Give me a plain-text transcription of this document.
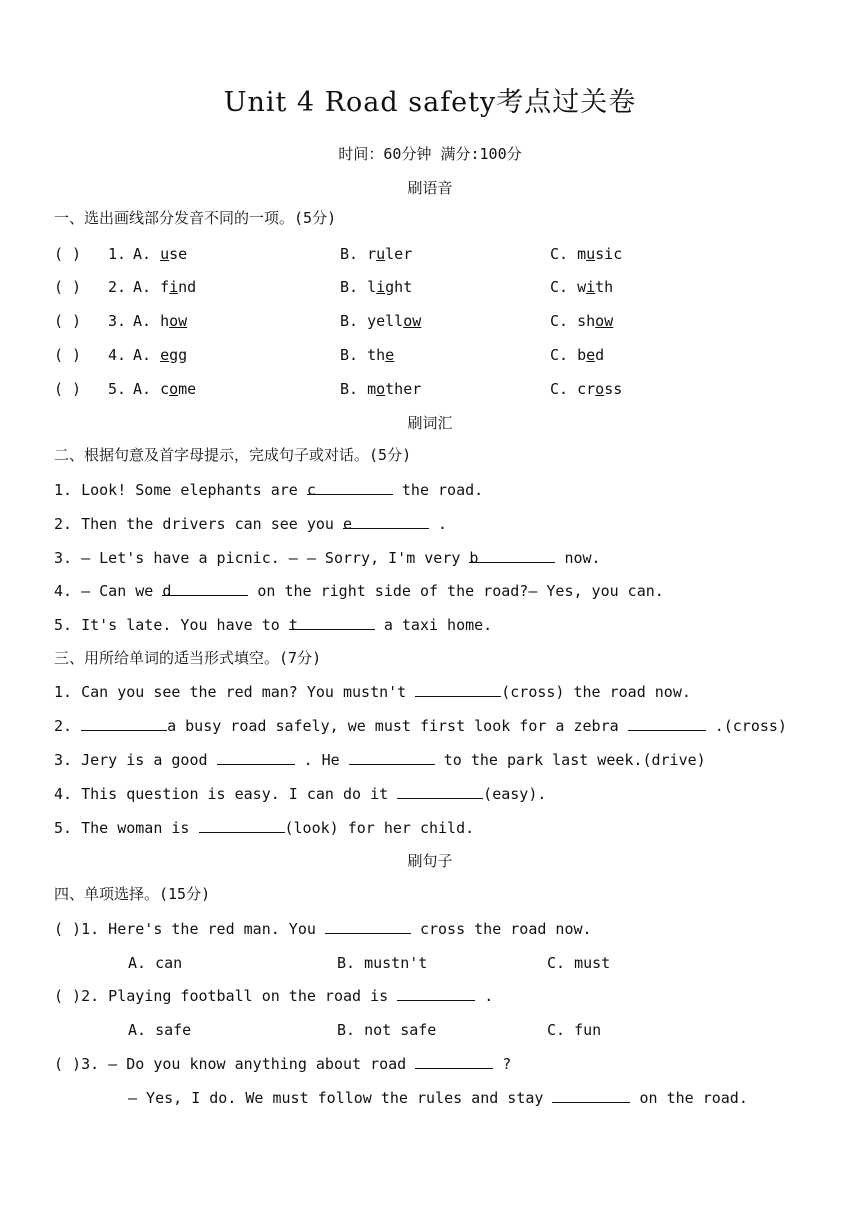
Unit 4 Road safety考点过关卷
时间：60分钟 满分:100分
刷语音
一、选出画线部分发音不同的一项。(5分)
( ) 1. A. use	B. ruler	C. music
( ) 2. A. find	B. light	C. with
( ) 3. A. how	B. yellow	C. show
( ) 4. A. egg	B. the	C. bed
( ) 5. A. come	B. mother	C. cross
刷词汇
二、根据句意及首字母提示，完成句子或对话。(5分)
1. Look! Some elephants are c	the road.
2. Then the drivers can see you e	.
3. — Let's have a picnic. — — Sorry, I'm very b	now.
4. — Can we d	on the right side of the road?— Yes, you can.
5. It's late. You have to t	a taxi home.
三、用所给单词的适当形式填空。(7分)
1. Can you see the red man? You mustn't	(cross) the road now.
2.	a busy road safely, we must first look for a zebra	.(cross)
3. Jery is a good	. He	to the park last week.(drive)
4. This question is easy. I can do it	(easy).
5. The woman is	(look) for her child.
刷句子
四、单项选择。(15分)
( )1. Here's the red man. You	cross the road now.
A. can	B. mustn't	C. must
( )2. Playing football on the road is	.
A. safe	B. not safe	C. fun
( )3. — Do you know anything about road	?
— Yes, I do. We must follow the rules and stay	on the road.
